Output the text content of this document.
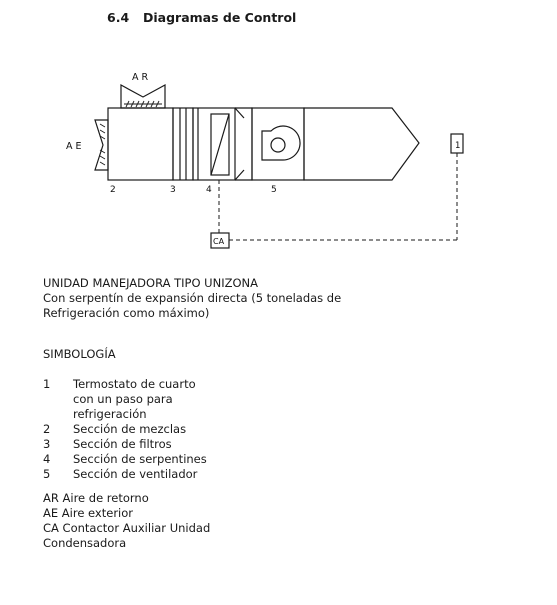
6.4 Diagramas de Control
A R
A E	1
CA
2	3	4	5
UNIDAD MANEJADORA TIPO UNIZONA
Con serpentín de expansión directa (5 toneladas de Refrigeración como máximo)
SIMBOLOGÍA
1	Termostato de cuarto con un paso para refrigeración
2	Sección de mezclas
3	Sección de filtros
4	Sección de serpentines
5	Sección de ventilador
AR Aire de retorno
AE Aire exterior
CA Contactor Auxiliar Unidad Condensadora
